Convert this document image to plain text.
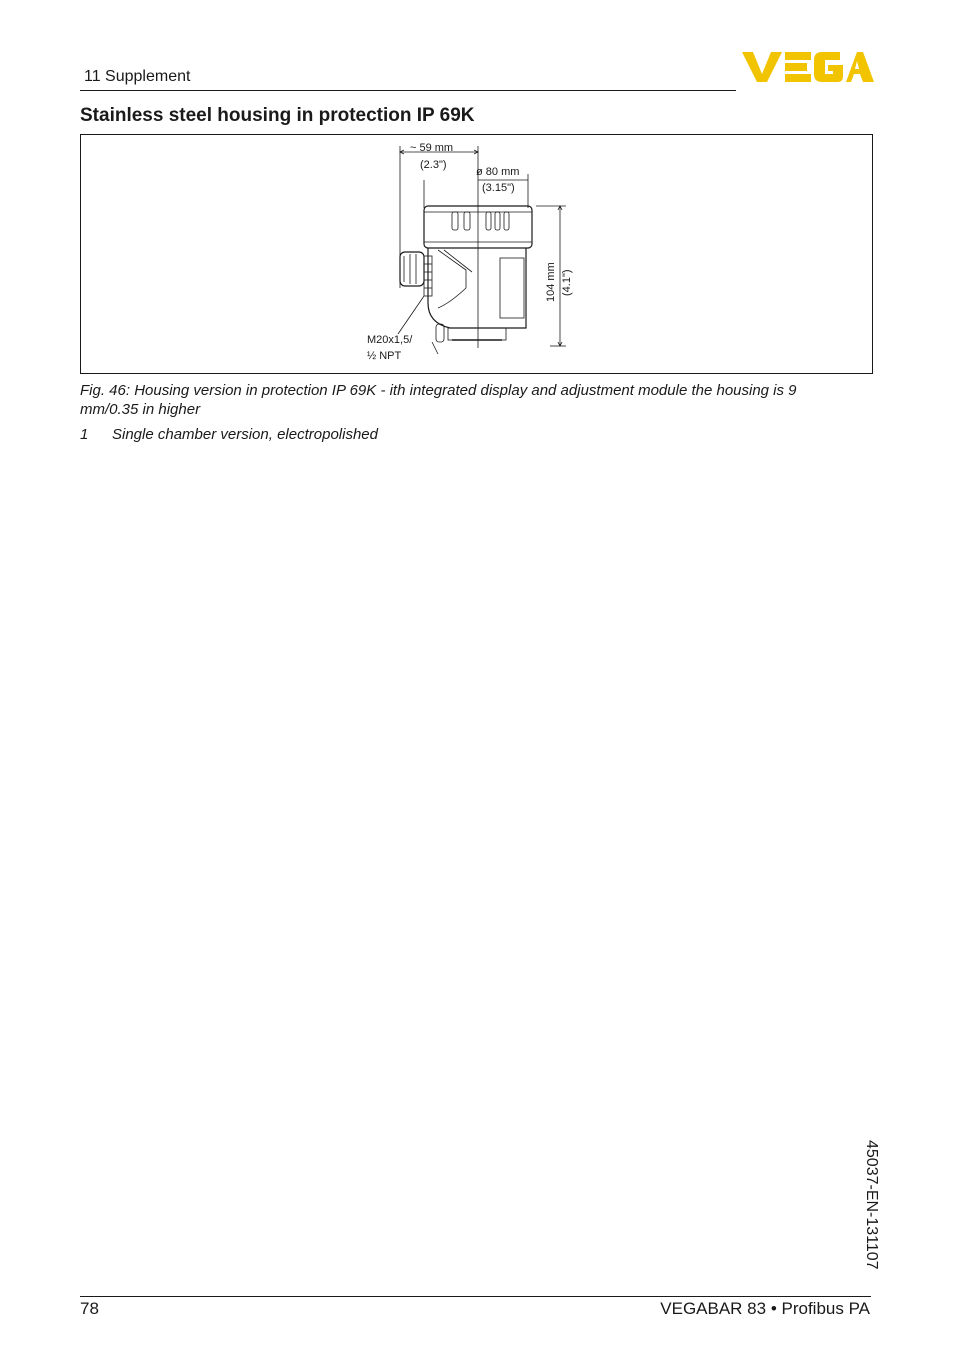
11 Supplement
Stainless steel housing in protection IP 69K
~ 59 mm
(2.3")
ø 80 mm
(3.15")
104 mm (4.1")
M20x1,5/
½ NPT
Fig. 46: Housing version in protection IP 69K - ith integrated display and adjustment module the housing is 9 mm/0.35 in higher
1 Single chamber version, electropolished
45037-EN-131107
78	VEGABAR 83 • Profibus PA
